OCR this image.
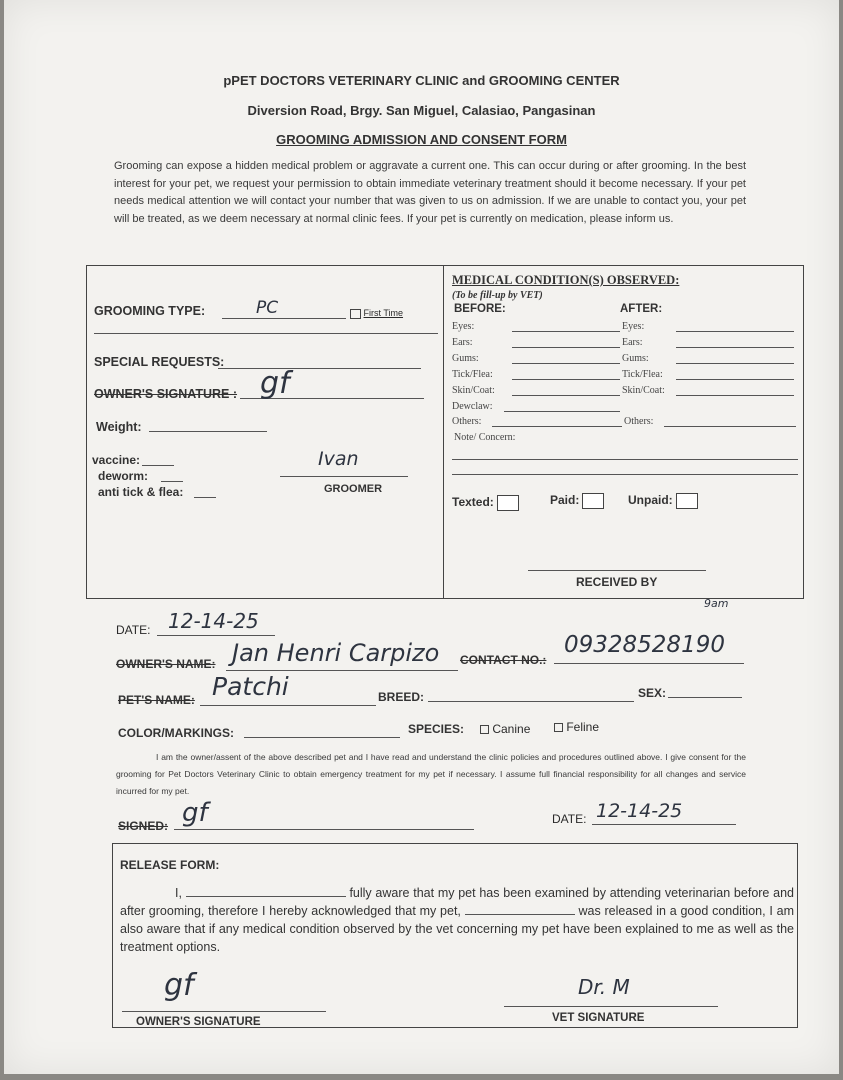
pPET DOCTORS VETERINARY CLINIC and GROOMING CENTER
Diversion Road, Brgy. San Miguel, Calasiao, Pangasinan
GROOMING ADMISSION AND CONSENT FORM
Grooming can expose a hidden medical problem or aggravate a current one. This can occur during or after grooming. In the best interest for your pet, we request your permission to obtain immediate veterinary treatment should it become necessary. If your pet needs medical attention we will contact your number that was given to us on admission. If we are unable to contact you, your pet will be treated, as we deem necessary at normal clinic fees. If your pet is currently on medication, please inform us.
GROOMING TYPE:	PC	First Time
SPECIAL REQUESTS:
OWNER'S SIGNATURE : gf
Weight:
vaccine:
deworm:
anti tick & flea:
Ivan
GROOMER
MEDICAL CONDITION(S) OBSERVED:
(To be fill-up by VET)
BEFORE:	AFTER:
Eyes:	Eyes:
Ears:	Ears:
Gums:	Gums:
Tick/Flea:	Tick/Flea:
Skin/Coat:	Skin/Coat:
Dewclaw:
Others:	Others:
Note/ Concern:
Texted:	Paid:	Unpaid:
RECEIVED BY
9am
DATE: 12-14-25
OWNER'S NAME: Jan Henri Carpizo CONTACT NO.:
09328528190
PET'S NAME: Patchi	BREED:	SEX:
COLOR/MARKINGS:	SPECIES:	Canine	Feline
I am the owner/assent of the above described pet and I have read and understand the clinic policies and procedures outlined above. I give consent for the grooming for Pet Doctors Veterinary Clinic to obtain emergency treatment for my pet if necessary. I assume full financial responsibility for all changes and service incurred for my pet.
SIGNED: gf	DATE: 12-14-25
RELEASE FORM:
I,	fully aware that my pet has been examined by attending veterinarian before and after grooming, therefore I hereby acknowledged that my pet,	was released in a good condition, I am also aware that if any medical condition observed by the vet concerning my pet have been explained to me as well as the treatment options.
gf
OWNER'S SIGNATURE
Dr. M
VET SIGNATURE
